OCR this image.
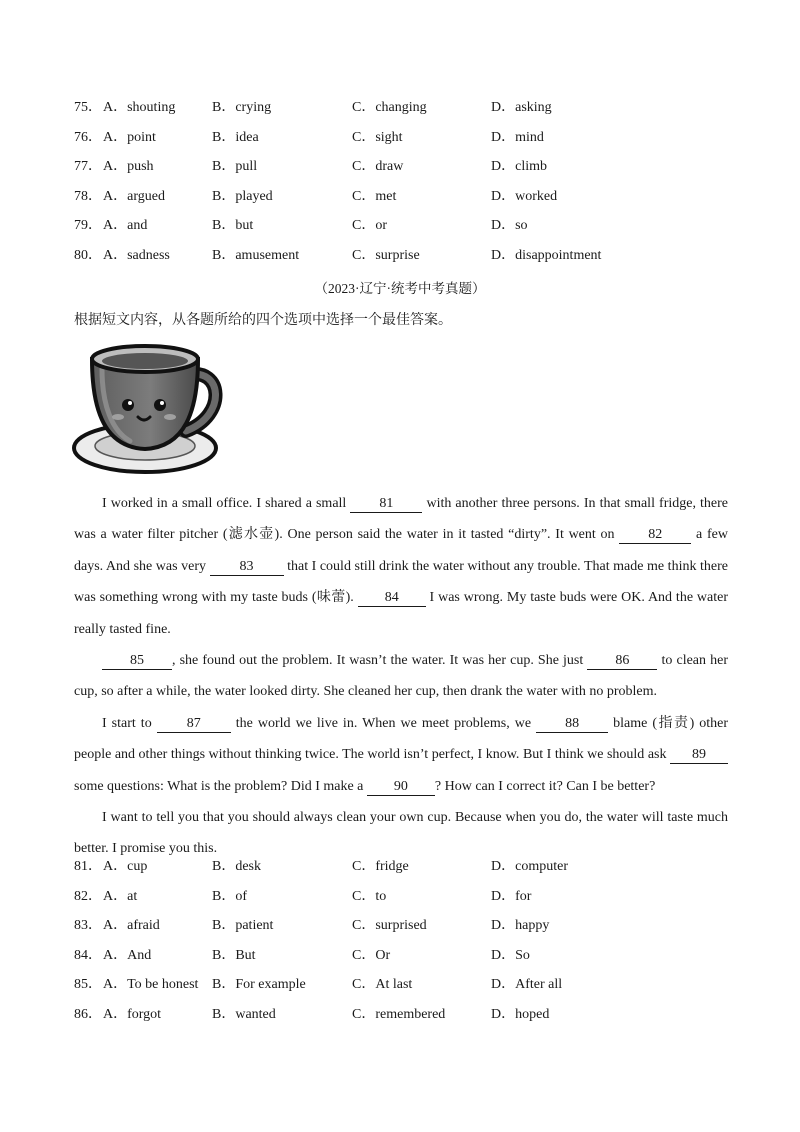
75． A．shouting	B．crying	C．changing	D．asking
76． A．point	B．idea	C．sight	D．mind
77． A．push	B．pull	C．draw	D．climb
78． A．argued	B．played	C．met	D．worked
79． A．and	B．but	C．or	D．so
80． A．sadness	B．amusement	C．surprise	D．disappointment
（2023·辽宁·统考中考真题）
根据短文内容，从各题所给的四个选项中选择一个最佳答案。

I worked in a small office. I shared a small 81 with another three persons. In that small fridge, there was a water filter pitcher (滤水壶). One person said the water in it tasted “dirty”. It went on 82 a few days. And she was very 83 that I could still drink the water without any trouble. That made me think there was something wrong with my taste buds (味蕾). 84 I was wrong. My taste buds were OK. And the water really tasted fine.

85 , she found out the problem. It wasn’t the water. It was her cup. She just 86 to clean her cup, so after a while, the water looked dirty. She cleaned her cup, then drank the water with no problem.

I start to 87 the world we live in. When we meet problems, we 88 blame (指责) other people and other things without thinking twice. The world isn’t perfect, I know. But I think we should ask 89 some questions: What is the problem? Did I make a 90 ? How can I correct it? Can I be better?

I want to tell you that you should always clean your own cup. Because when you do, the water will taste much better. I promise you this.

81． A．cup	B．desk	C．fridge	D．computer
82． A．at	B．of	C．to	D．for
83． A．afraid	B．patient	C．surprised	D．happy
84． A．And	B．But	C．Or	D．So
85． A．To be honest B．For example	C．At last	D．After all
86． A．forgot	B．wanted	C．remembered	D．hoped
